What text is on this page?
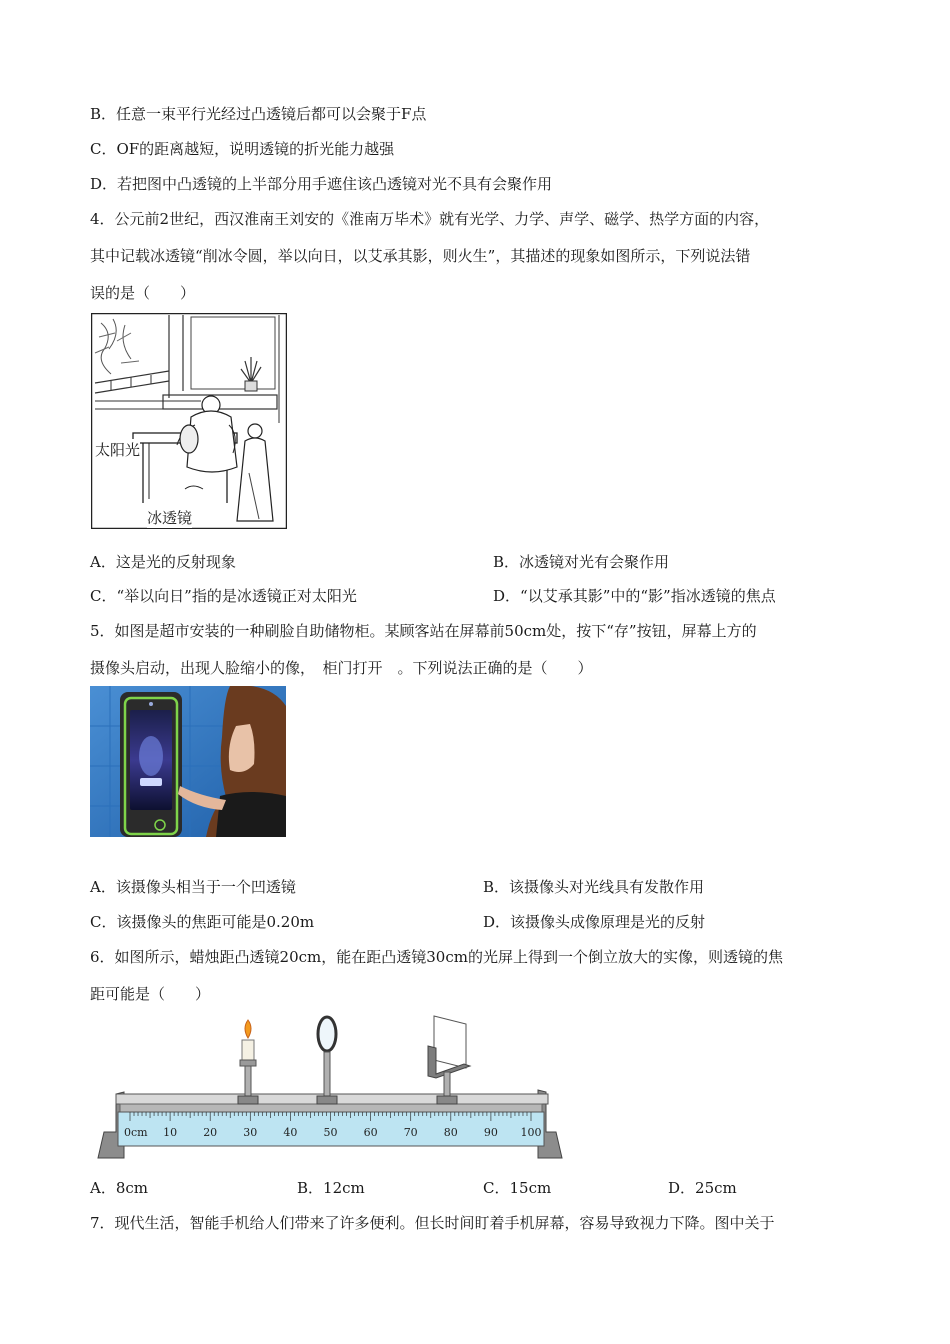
B．任意一束平行光经过凸透镜后都可以会聚于F点
C．OF的距离越短，说明透镜的折光能力越强
D．若把图中凸透镜的上半部分用手遮住该凸透镜对光不具有会聚作用
4．公元前2世纪，西汉淮南王刘安的《淮南万毕术》就有光学、力学、声学、磁学、热学方面的内容，
其中记载冰透镜“削冰令圆，举以向日，以艾承其影，则火生”，其描述的现象如图所示，下列说法错
误的是（　　）
太阳光
冰透镜
A．这是光的反射现象	B．冰透镜对光有会聚作用
C．“举以向日”指的是冰透镜正对太阳光	D．“以艾承其影”中的“影”指冰透镜的焦点
5．如图是超市安装的一种刷脸自助储物柜。某顾客站在屏幕前50cm处，按下“存”按钮，屏幕上方的
摄像头启动，出现人脸缩小的像，　柜门打开　。下列说法正确的是（　　）
A．该摄像头相当于一个凹透镜	B．该摄像头对光线具有发散作用
C．该摄像头的焦距可能是0.20m	D．该摄像头成像原理是光的反射
6．如图所示，蜡烛距凸透镜20cm，能在距凸透镜30cm的光屏上得到一个倒立放大的实像，则透镜的焦
距可能是（　　）
0cm 10 20 30 40 50 60 70 80 90 100
A．8cm	B．12cm	C．15cm	D．25cm
7．现代生活，智能手机给人们带来了许多便利。但长时间盯着手机屏幕，容易导致视力下降。图中关于
